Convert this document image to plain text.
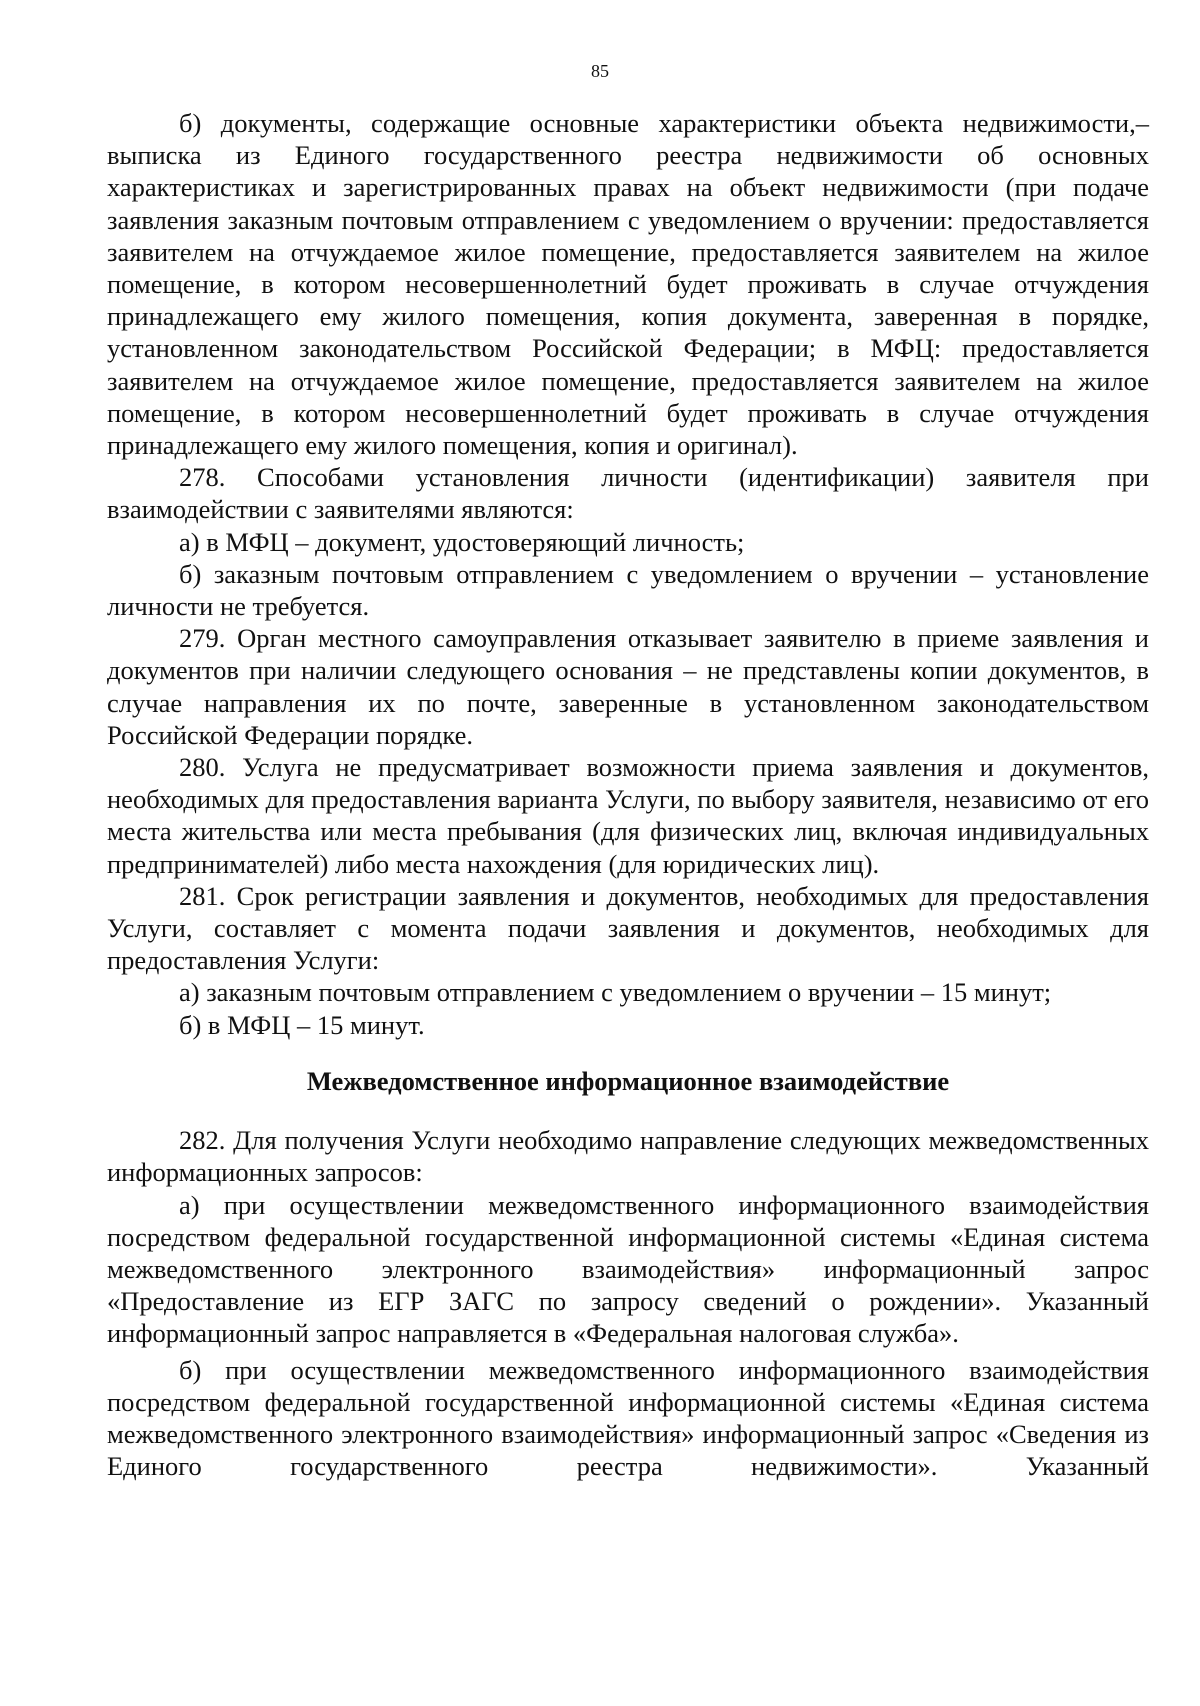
85

б) документы, содержащие основные характеристики объекта недвижимости,– выписка из Единого государственного реестра недвижимости об основных характеристиках и зарегистрированных правах на объект недвижимости (при подаче заявления заказным почтовым отправлением с уведомлением о вручении: предоставляется заявителем на отчуждаемое жилое помещение, предоставляется заявителем на жилое помещение, в котором несовершеннолетний будет проживать в случае отчуждения принадлежащего ему жилого помещения, копия документа, заверенная в порядке, установленном законодательством Российской Федерации; в МФЦ: предоставляется заявителем на отчуждаемое жилое помещение, предоставляется заявителем на жилое помещение, в котором несовершеннолетний будет проживать в случае отчуждения принадлежащего ему жилого помещения, копия и оригинал).

278. Способами установления личности (идентификации) заявителя при взаимодействии с заявителями являются:

а) в МФЦ – документ, удостоверяющий личность;

б) заказным почтовым отправлением с уведомлением о вручении – установление личности не требуется.

279. Орган местного самоуправления отказывает заявителю в приеме заявления и документов при наличии следующего основания – не представлены копии документов, в случае направления их по почте, заверенные в установленном законодательством Российской Федерации порядке.

280. Услуга не предусматривает возможности приема заявления и документов, необходимых для предоставления варианта Услуги, по выбору заявителя, независимо от его места жительства или места пребывания (для физических лиц, включая индивидуальных предпринимателей) либо места нахождения (для юридических лиц).

281. Срок регистрации заявления и документов, необходимых для предоставления Услуги, составляет с момента подачи заявления и документов, необходимых для предоставления Услуги:

а) заказным почтовым отправлением с уведомлением о вручении – 15 минут;

б) в МФЦ – 15 минут.

Межведомственное информационное взаимодействие

282. Для получения Услуги необходимо направление следующих межведомственных информационных запросов:

а) при осуществлении межведомственного информационного взаимодействия посредством федеральной государственной информационной системы «Единая система межведомственного электронного взаимодействия» информационный запрос «Предоставление из ЕГР ЗАГС по запросу сведений о рождении». Указанный информационный запрос направляется в «Федеральная налоговая служба».

б) при осуществлении межведомственного информационного взаимодействия посредством федеральной государственной информационной системы «Единая система межведомственного электронного взаимодействия» информационный запрос «Сведения из Единого государственного реестра недвижимости». Указанный
